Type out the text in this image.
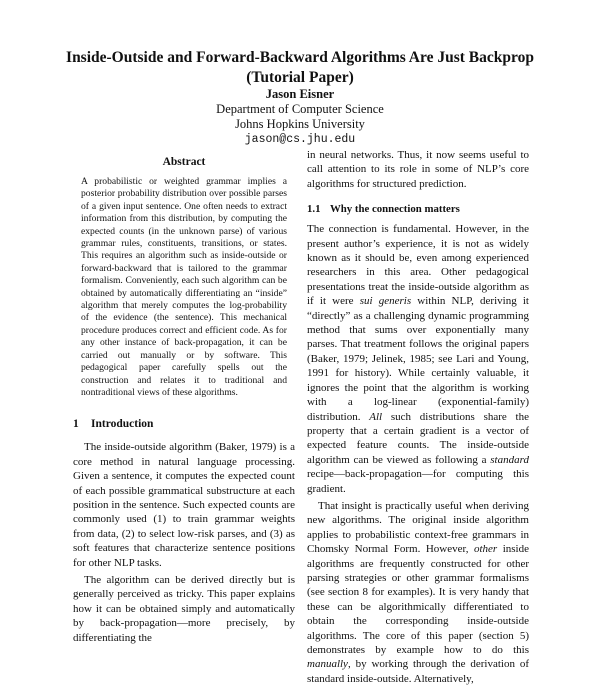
Inside-Outside and Forward-Backward Algorithms Are Just Backprop
(Tutorial Paper)
Jason Eisner
Department of Computer Science
Johns Hopkins University
jason@cs.jhu.edu
Abstract

A probabilistic or weighted grammar implies a posterior probability distribution over possible parses of a given input sentence. One often needs to extract information from this distribution, by computing the expected counts (in the unknown parse) of various grammar rules, constituents, transitions, or states. This requires an algorithm such as inside-outside or forward-backward that is tailored to the grammar formalism. Conveniently, each such algorithm can be obtained by automatically differentiating an “inside” algorithm that merely computes the log-probability of the evidence (the sentence). This mechanical procedure produces correct and efficient code. As for any other instance of back-propagation, it can be carried out manually or by software. This pedagogical paper carefully spells out the construction and relates it to traditional and nontraditional views of these algorithms.

1 Introduction

The inside-outside algorithm (Baker, 1979) is a core method in natural language processing. Given a sentence, it computes the expected count of each possible grammatical substructure at each position in the sentence. Such expected counts are commonly used (1) to train grammar weights from data, (2) to select low-risk parses, and (3) as soft features that characterize sentence positions for other NLP tasks.

The algorithm can be derived directly but is generally perceived as tricky. This paper explains how it can be obtained simply and automatically by back-propagation—more precisely, by differentiating the

in neural networks. Thus, it now seems useful to call attention to its role in some of NLP’s core algorithms for structured prediction.

1.1 Why the connection matters

The connection is fundamental. However, in the present author’s experience, it is not as widely known as it should be, even among experienced researchers in this area. Other pedagogical presentations treat the inside-outside algorithm as if it were sui generis within NLP, deriving it “directly” as a challenging dynamic programming method that sums over exponentially many parses. That treatment follows the original papers (Baker, 1979; Jelinek, 1985; see Lari and Young, 1991 for history). While certainly valuable, it ignores the point that the algorithm is working with a log-linear (exponential-family) distribution. All such distributions share the property that a certain gradient is a vector of expected feature counts. The inside-outside algorithm can be viewed as following a standard recipe—back-propagation—for computing this gradient.

That insight is practically useful when deriving new algorithms. The original inside algorithm applies to probabilistic context-free grammars in Chomsky Normal Form. However, other inside algorithms are frequently constructed for other parsing strategies or other grammar formalisms (see section 8 for examples). It is very handy that these can be algorithmically differentiated to obtain the corresponding inside-outside algorithms. The core of this paper (section 5) demonstrates by example how to do this manually, by working through the derivation of standard inside-outside. Alternatively,
